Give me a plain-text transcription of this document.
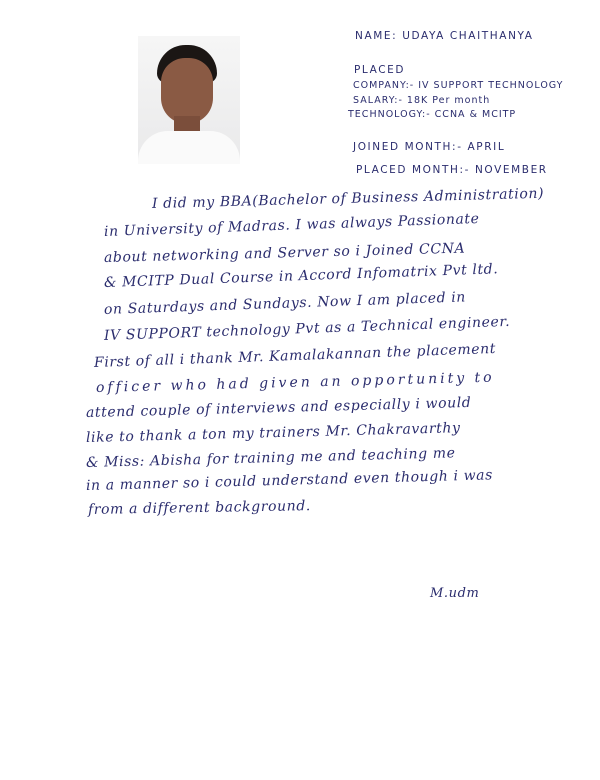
NAME: UDAYA CHAITHANYA
PLACED
COMPANY:- IV SUPPORT TECHNOLOGY
SALARY:- 18K Per month
TECHNOLOGY:- CCNA & MCITP
JOINED MONTH:- APRIL
PLACED MONTH:- NOVEMBER
I did my BBA(Bachelor of Business Administration)
in University of Madras. I was always Passionate
about networking and Server so i Joined CCNA
& MCITP Dual Course in Accord Infomatrix Pvt ltd.
on Saturdays and Sundays. Now I am placed in
IV SUPPORT technology Pvt as a Technical engineer.
First of all i thank Mr. Kamalakannan the placement
officer who had given an opportunity to
attend couple of interviews and especially i would
like to thank a ton my trainers Mr. Chakravarthy
& Miss: Abisha for training me and teaching me
in a manner so i could understand even though i was
from a different background.
M.udm
